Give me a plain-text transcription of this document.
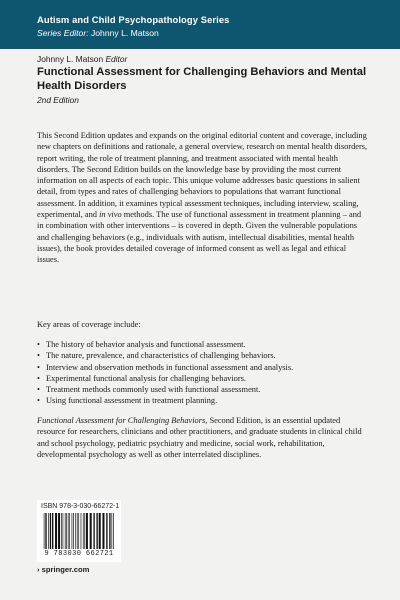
Autism and Child Psychopathology Series
Series Editor: Johnny L. Matson
Johnny L. Matson Editor
Functional Assessment for Challenging Behaviors and Mental Health Disorders
2nd Edition

This Second Edition updates and expands on the original editorial content and coverage, including new chapters on definitions and rationale, a general overview, research on mental health disorders, report writing, the role of treatment planning, and treatment associated with mental health disorders. The Second Edition builds on the knowledge base by providing the most current information on all aspects of each topic. This unique volume addresses basic questions in salient detail, from types and rates of challenging behaviors to populations that warrant functional assessment. In addition, it examines typical assessment techniques, including interview, scaling, experimental, and in vivo methods. The use of functional assessment in treatment planning – and in combination with other interventions – is covered in depth. Given the vulnerable populations and challenging behaviors (e.g., individuals with autism, intellectual disabilities, mental health issues), the book provides detailed coverage of informed consent as well as legal and ethical issues.

Key areas of coverage include:

• The history of behavior analysis and functional assessment.
• The nature, prevalence, and characteristics of challenging behaviors.
• Interview and observation methods in functional assessment and analysis.
• Experimental functional analysis for challenging behaviors.
• Treatment methods commonly used with functional assessment.
• Using functional assessment in treatment planning.

Functional Assessment for Challenging Behaviors, Second Edition, is an essential updated resource for researchers, clinicians and other practitioners, and graduate students in clinical child and school psychology, pediatric psychiatry and medicine, social work, rehabilitation, developmental psychology as well as other interrelated disciplines.

ISBN 978-3-030-66272-1
9 783030 662721
› springer.com
